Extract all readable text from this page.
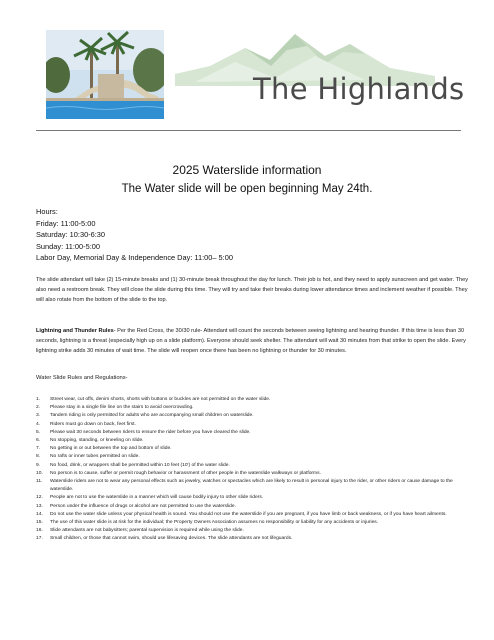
The Highlands
2025 Waterslide information
The Water slide will be open beginning May 24th.
Hours:
Friday: 11:00-5:00
Saturday: 10:30-6:30
Sunday: 11:00-5:00
Labor Day, Memorial Day & Independence Day: 11:00– 5:00
The slide attendant will take (2) 15-minute breaks and (1) 30-minute break throughout the day for lunch. Their job is hot, and they need to apply sunscreen and get water. They also need a restroom break. They will close the slide during this time. They will try and take their breaks during lower attendance times and inclement weather if possible. They will also rotate from the bottom of the slide to the top.
Lightning and Thunder Rules- Per the Red Cross, the 30/30 rule- Attendant will count the seconds between seeing lightning and hearing thunder. If this time is less than 30 seconds, lightning is a threat (especially high up on a slide platform). Everyone should seek shelter. The attendant will wait 30 minutes from that strike to open the slide. Every lightning strike adds 30 minutes of wait time. The slide will reopen once there has been no lightning or thunder for 30 minutes.
Water Slide Rules and Regulations-
1.	Street wear, cut offs, denim shorts, shorts with buttons or buckles are not permitted on the water slide.
2.	Please stay in a single file line on the stairs to avoid overcrowding.
3.	Tandem riding is only permitted for adults who are accompanying small children on waterslide.
4.	Riders must go down on back, feet first.
5.	Please wait 30 seconds between riders to ensure the rider before you have cleared the slide.
6.	No stopping, standing, or kneeling on slide.
7.	No getting in or out between the top and bottom of slide.
8.	No rafts or inner tubes permitted on slide.
9.	No food, drink, or wrappers shall be permitted within 10 feet (10') of the water slide.
10.	No person is to cause, suffer or permit rough behavior or harassment of other people in the waterslide walkways or platforms.
11.	Waterslide riders are not to wear any personal effects such as jewelry, watches or spectacles which are likely to result in personal injury to the rider, or other riders or cause damage to the waterslide.
12.	People are not to use the waterslide in a manner which will cause bodily injury to other slide riders.
13.	Person under the influence of drugs or alcohol are not permitted to use the waterslide.
14.	Do not use the water slide unless your physical health is sound. You should not use the waterslide if you are pregnant, if you have limb or back weakness, or if you have heart ailments.
15.	The use of this water slide is at risk for the individual; the Property Owners Association assumes no responsibility or liability for any accidents or injuries.
16.	Slide attendants are not babysitters; parental supervision is required while using the slide.
17.	Small children, or those that cannot swim, should use lifesaving devices. The slide attendants are not lifeguards.
